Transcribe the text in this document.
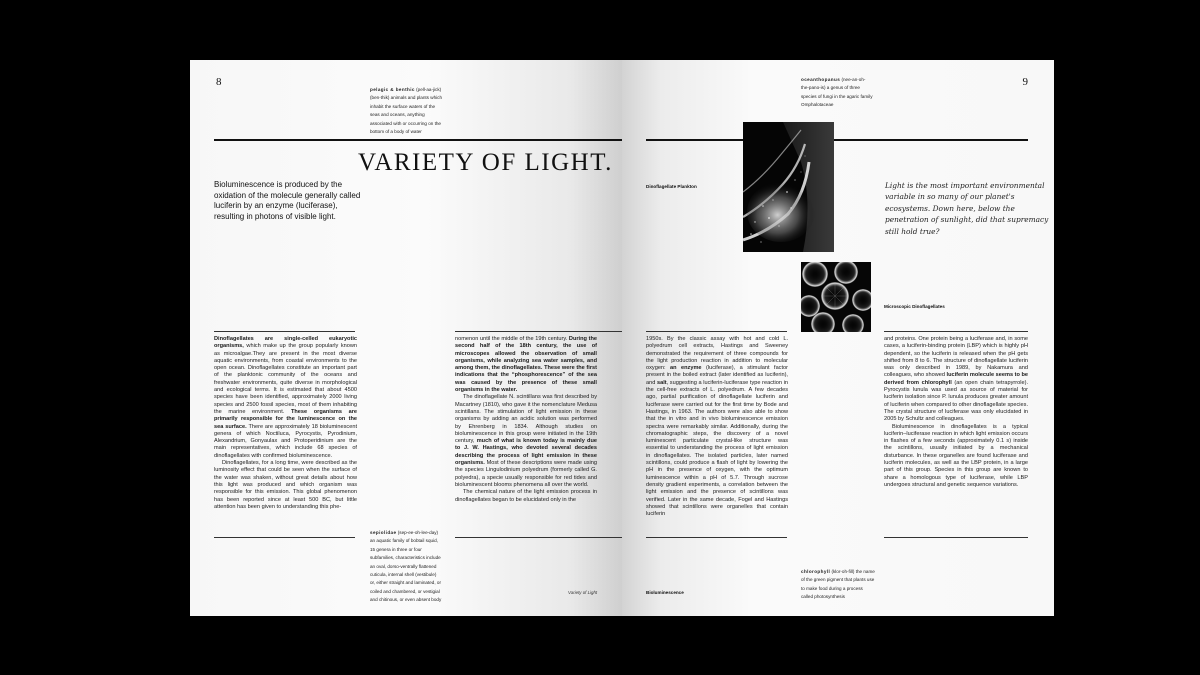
8
pelagic & benthic (pell-aa-jick) (ben-thik) animals and plants which inhabit the surface waters of the seas and oceans, anything associated with or occurring on the bottom of a body of water
VARIETY OF LIGHT.
Bioluminescence is produced by the oxidation of the molecule generally called luciferin by an enzyme (luciferase), resulting in photons of visible light.

Dinoflagellates are single-celled eukaryotic organisms, which make up the group popularly known as microalgae.They are present in the most diverse aquatic environments, from coastal environments to the open ocean. Dinoflagellates constitute an important part of the planktonic community of the oceans and freshwater environments, quite diverse in morphological and ecological terms. It is estimated that about 4500 species have been identified, approximately 2000 living species and 2500 fossil species, most of them inhabiting the marine environment. These organisms are primarily responsible for the luminescence on the sea surface. There are approximately 18 bioluminescent genera of which Noctiluca, Pyrocystis, Pyrodinium, Alexandrium, Gonyaulax and Protoperidinium are the main representatives, which include 68 species of dinoflagellates with confirmed bioluminescence.

Dinoflagellates, for a long time, were described as the luminosity effect that could be seen when the surface of the water was shaken, without great details about how this light was produced and which organism was responsible for this emission. This global phenomenon has been reported since at least 500 BC, but little attention has been given to understanding this phe-

nomenon until the middle of the 19th century. During the second half of the 18th century, the use of microscopes allowed the observation of small organisms, while analyzing sea water samples, and among them, the dinoflagellates. These were the first indications that the “phosphorescence” of the sea was caused by the presence of these small organisms in the water.

The dinoflagellate N. scintillans was first described by Macartney (1810), who gave it the nomenclature Medusa scintillans. The stimulation of light emission in these organisms by adding an acidic solution was performed by Ehrenberg in 1834. Although studies on bioluminescence in this group were initiated in the 19th century, much of what is known today is mainly due to J. W. Hastings, who devoted several decades describing the process of light emission in these organisms. Most of these descriptions were made using the species Lingulodinium polyedrum (formerly called G. polyedra), a specie usually responsible for red tides and bioluminescent blooms phenomena all over the world.

The chemical nature of the light emission process in dinoflagellates began to be elucidated only in the

sepiolidae (sep-ee-oh-lee-day) an aquatic family of bobtail squid, 15 genera in three or four subfamilies, characteristics include an oval, dorso-ventrally flattened cuticula, internal shell (vestibule) or, either straight and laminated, or coiled and chambered, or vestigial and chitinous, or even absent body
Variety of Light
9
oceanthopanus (nee-an-oh-the-pano-is) a genus of three species of fungi in the agaric family Omphalotaceae
Dinoflagellate Plankton	Light is the most important environmental variable in so many of our planet's ecosystems. Down here, below the penetration of sunlight, did that supremacy still hold true?
Microscopic Dinoflagellates

1950s. By the classic assay with hot and cold L. polyedrum cell extracts, Hastings and Sweeney demonstrated the requirement of three compounds for the light production reaction in addition to molecular oxygen: an enzyme (luciferase), a stimulant factor present in the boiled extract (later identified as luciferin), and salt, suggesting a luciferin-luciferase type reaction in the cell-free extracts of L. polyedrum. A few decades ago, partial purification of dinoflagellate luciferin and luciferase were carried out for the first time by Bode and Hastings, in 1963. The authors were also able to show that the in vitro and in vivo bioluminescence emission spectra were remarkably similar. Additionally, during the chromatographic steps, the discovery of a novel luminescent particulate crystal-like structure was essential to understanding the process of light emission in dinoflagellates. The isolated particles, later named scintillons, could produce a flash of light by lowering the pH in the presence of oxygen, with the optimum luminescence within a pH of 5.7. Through sucrose density gradient experiments, a correlation between the light emission and the presence of scintillons was verified. Later in the same decade, Fogel and Hastings showed that scintillons were organelles that contain luciferin

and proteins. One protein being a luciferase and, in some cases, a luciferin-binding protein (LBP) which is highly pH dependent, so the luciferin is released when the pH gets shifted from 8 to 6. The structure of dinoflagellate luciferin was only described in 1989, by Nakamura and colleagues, who showed luciferin molecule seems to be derived from chlorophyll (an open chain tetrapyrrole). Pyrocystis lunula was used as source of material for luciferin isolation since P. lunula produces greater amount of luciferin when compared to other dinoflagellate species. The crystal structure of luciferase was only elucidated in 2005 by Schultz and colleagues.

Bioluminescence in dinoflagellates is a typical luciferin–luciferase reaction in which light emission occurs in flashes of a few seconds (approximately 0.1 s) inside the scintillons, usually initiated by a mechanical disturbance. In these organelles are found luciferase and luciferin molecules, as well as the LBP protein, in a large part of this group. Species in this group are known to share a homologous type of luciferase, while LBP undergoes structural and genetic sequence variations.

chlorophyll (klor-oh-fill) the name of the green pigment that plants use to make food during a process called photosynthesis
Bioluminescence
